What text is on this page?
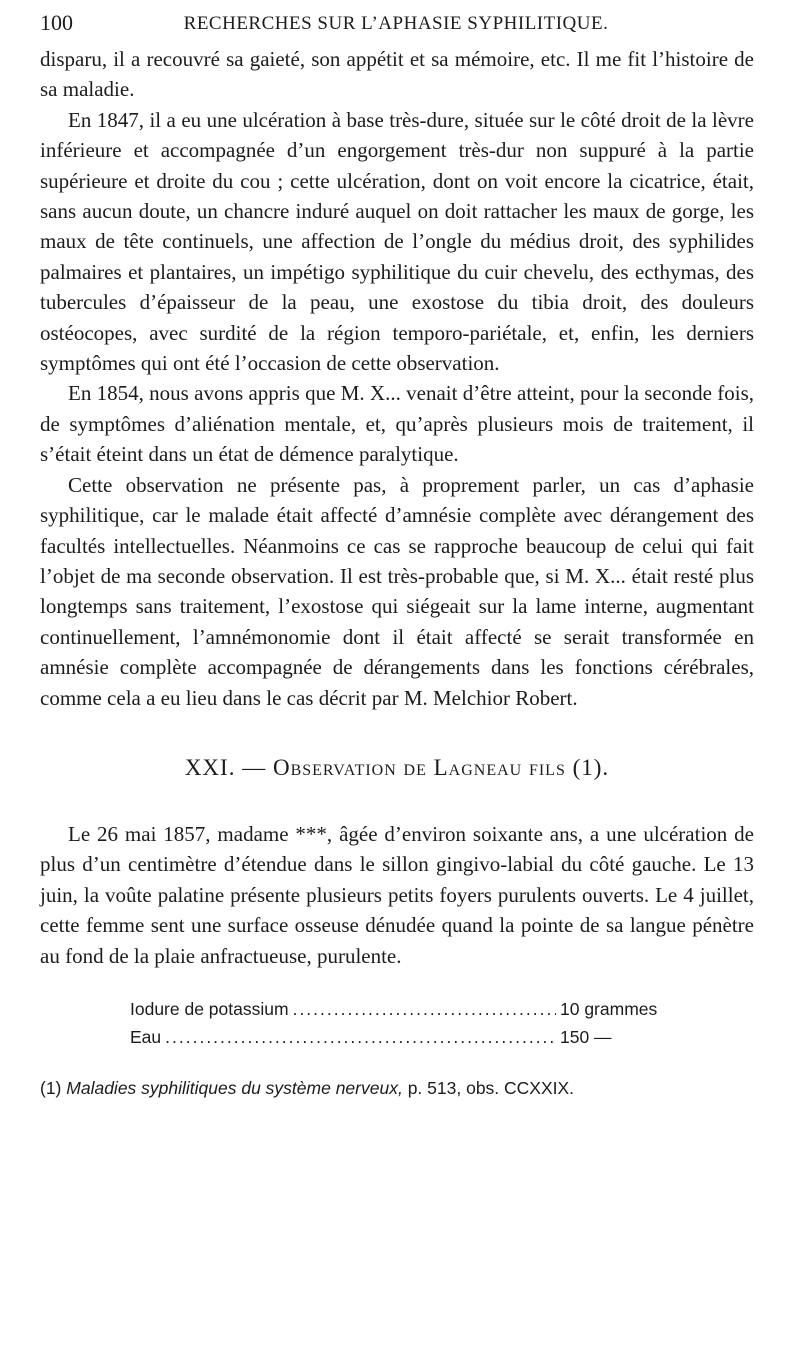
100	RECHERCHES SUR L’APHASIE SYPHILITIQUE.

disparu, il a recouvré sa gaieté, son appétit et sa mémoire, etc. Il me fit l’histoire de sa maladie.

En 1847, il a eu une ulcération à base très-dure, située sur le côté droit de la lèvre inférieure et accompagnée d’un engorgement très-dur non suppuré à la partie supérieure et droite du cou ; cette ulcération, dont on voit encore la cicatrice, était, sans aucun doute, un chancre induré auquel on doit rattacher les maux de gorge, les maux de tête continuels, une affection de l’ongle du médius droit, des syphilides palmaires et plantaires, un impétigo syphilitique du cuir chevelu, des ecthymas, des tubercules d’épaisseur de la peau, une exostose du tibia droit, des douleurs ostéocopes, avec surdité de la région temporo-pariétale, et, enfin, les derniers symptômes qui ont été l’occasion de cette observation.

En 1854, nous avons appris que M. X... venait d’être atteint, pour la seconde fois, de symptômes d’aliénation mentale, et, qu’après plusieurs mois de traitement, il s’était éteint dans un état de démence paralytique.

Cette observation ne présente pas, à proprement parler, un cas d’aphasie syphilitique, car le malade était affecté d’amnésie complète avec dérangement des facultés intellectuelles. Néanmoins ce cas se rapproche beaucoup de celui qui fait l’objet de ma seconde observation. Il est très-probable que, si M. X... était resté plus longtemps sans traitement, l’exostose qui siégeait sur la lame interne, augmentant continuellement, l’amnémonomie dont il était affecté se serait transformée en amnésie complète accompagnée de dérangements dans les fonctions cérébrales, comme cela a eu lieu dans le cas décrit par M. Melchior Robert.

XXI. — Observation de Lagneau fils (1).

Le 26 mai 1857, madame ***, âgée d’environ soixante ans, a une ulcération de plus d’un centimètre d’étendue dans le sillon gingivo-labial du côté gauche. Le 13 juin, la voûte palatine présente plusieurs petits foyers purulents ouverts. Le 4 juillet, cette femme sent une surface osseuse dénudée quand la pointe de sa langue pénètre au fond de la plaie anfractueuse, purulente.

Iodure de potassium .....	10 grammes
Eau .....	150 —
(1) Maladies syphilitiques du système nerveux, p. 513, obs. CCXXIX.
